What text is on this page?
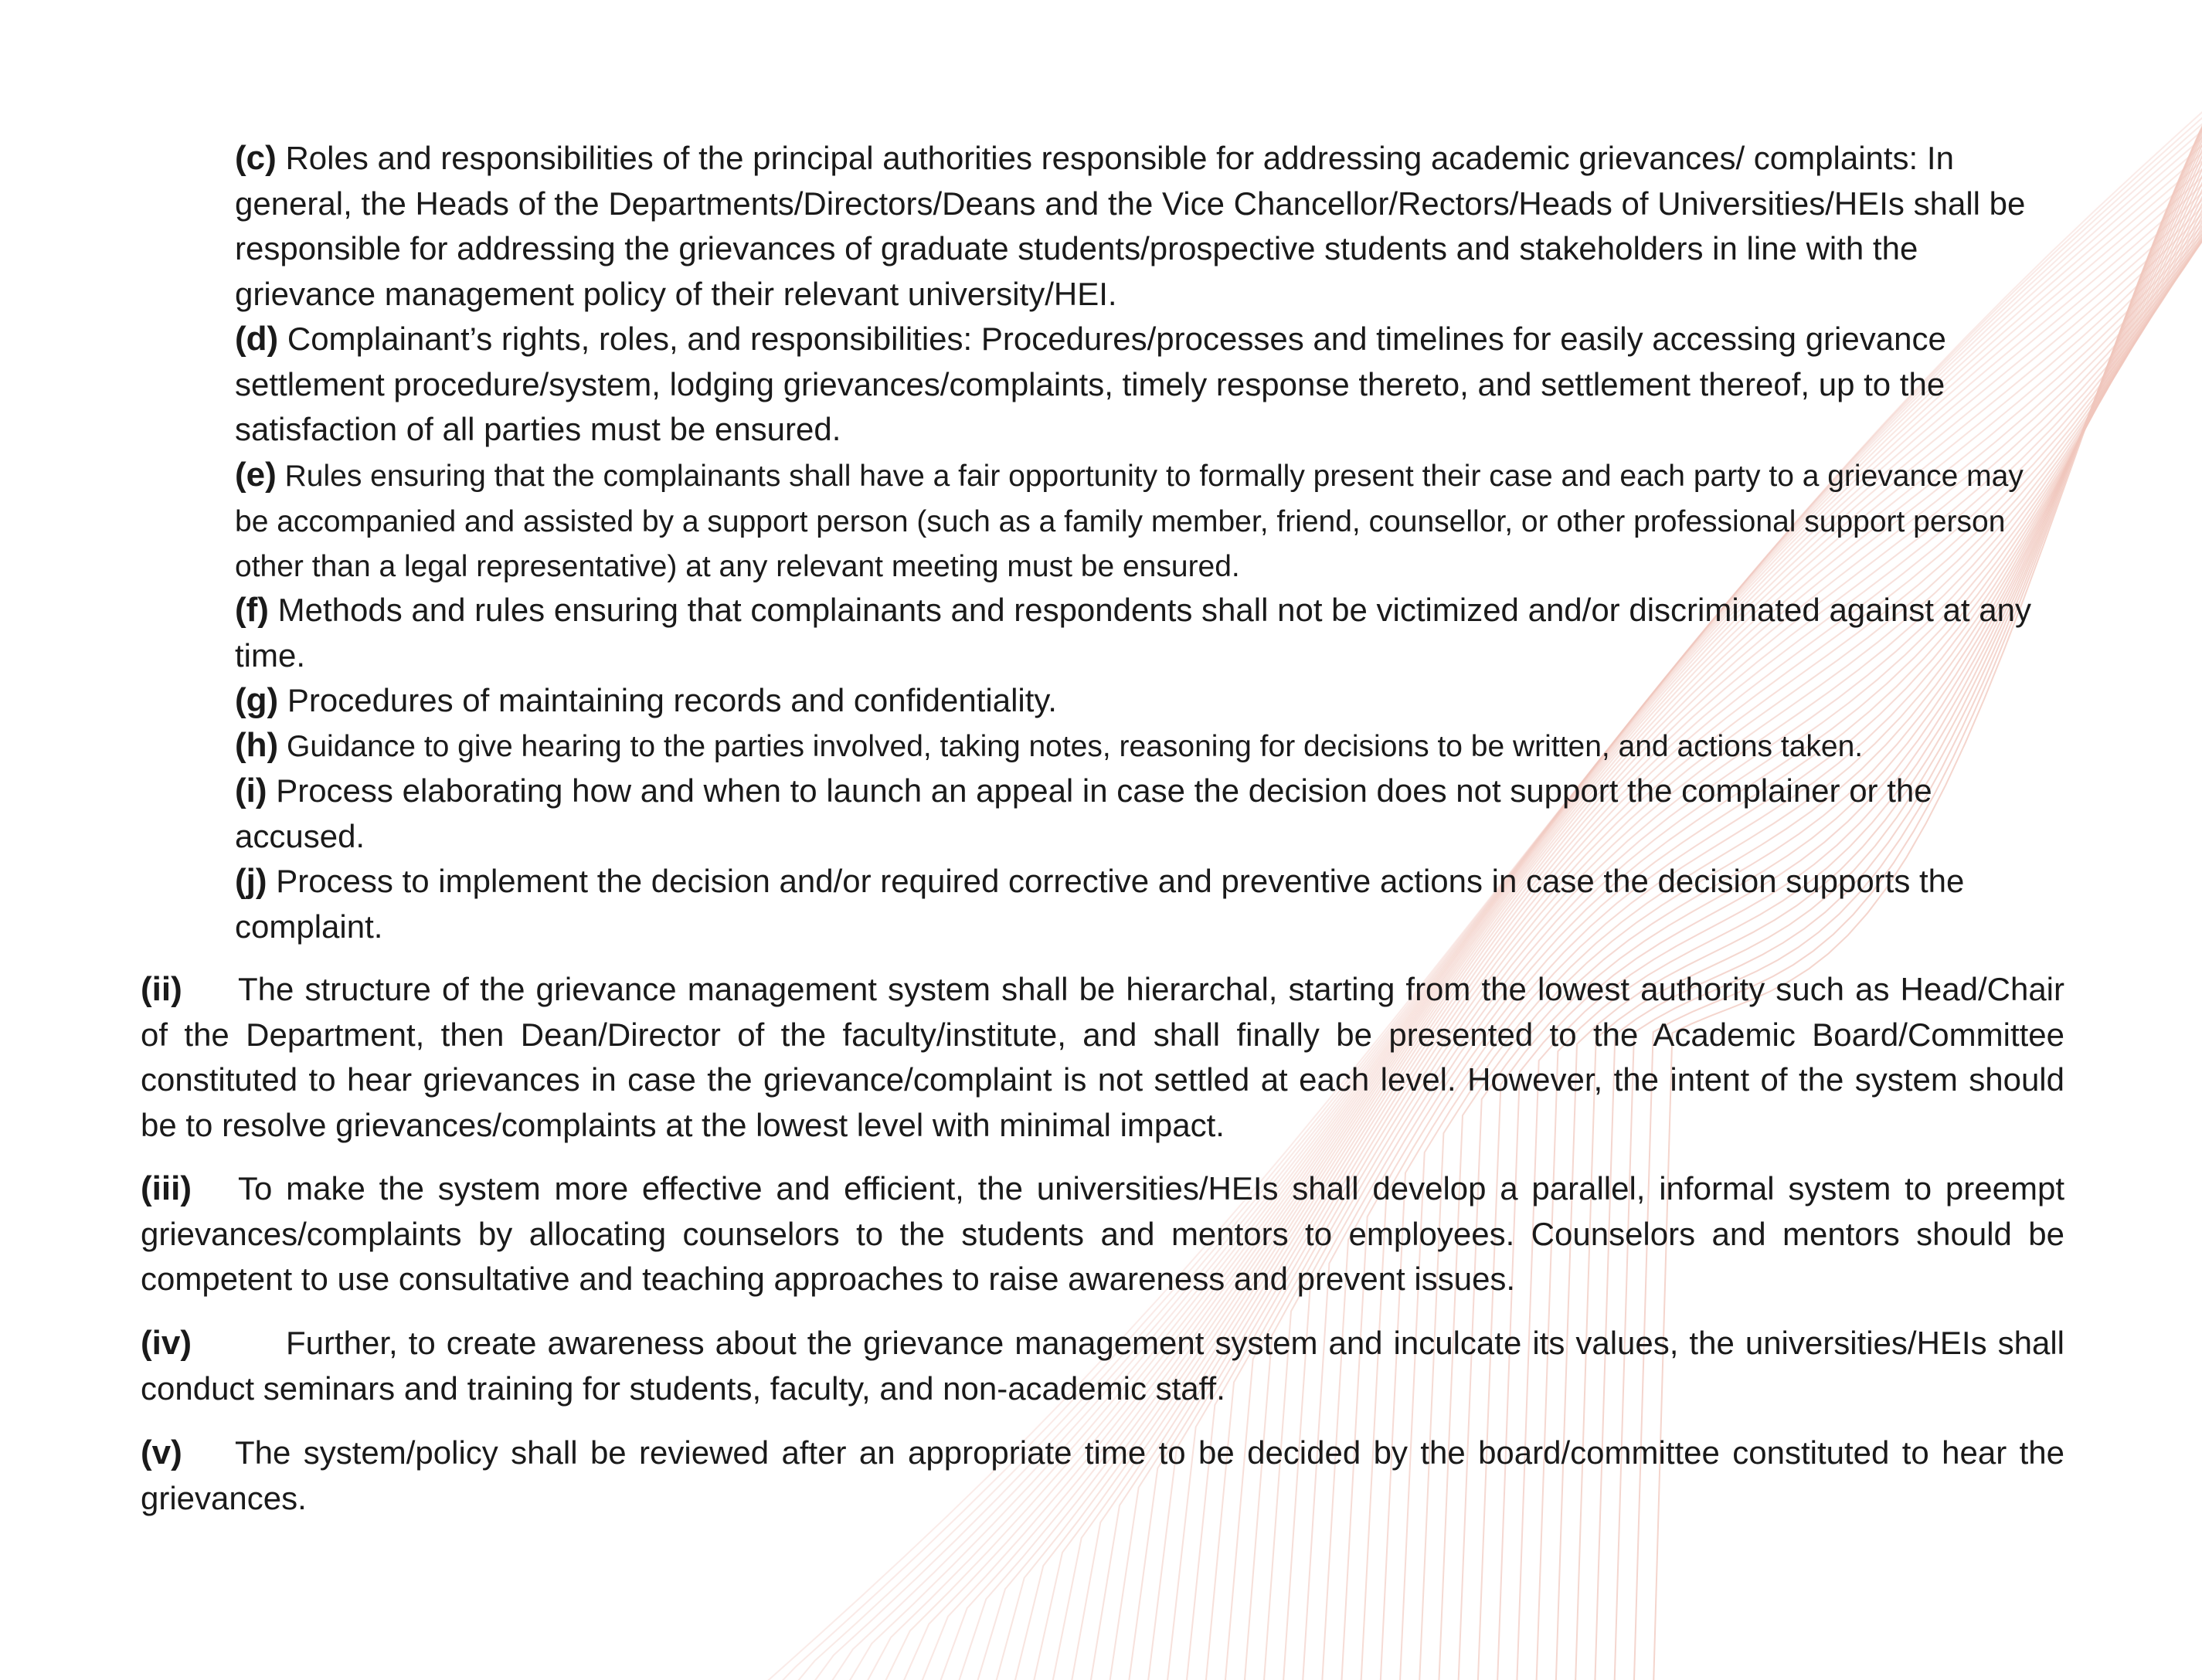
(c) Roles and responsibilities of the principal authorities responsible for addressing academic grievances/ complaints: In general, the Heads of the Departments/Directors/Deans and the Vice Chancellor/Rectors/Heads of Universities/HEIs shall be responsible for addressing the grievances of graduate students/prospective students and stakeholders in line with the grievance management policy of their relevant university/HEI.

(d) Complainant’s rights, roles, and responsibilities: Procedures/processes and timelines for easily accessing grievance settlement procedure/system, lodging grievances/complaints, timely response thereto, and settlement thereof, up to the satisfaction of all parties must be ensured.

(e) Rules ensuring that the complainants shall have a fair opportunity to formally present their case and each party to a grievance may be accompanied and assisted by a support person (such as a family member, friend, counsellor, or other professional support person other than a legal representative) at any relevant meeting must be ensured.

(f) Methods and rules ensuring that complainants and respondents shall not be victimized and/or discriminated against at any time.

(g) Procedures of maintaining records and confidentiality.

(h) Guidance to give hearing to the parties involved, taking notes, reasoning for decisions to be written, and actions taken.

(i) Process elaborating how and when to launch an appeal in case the decision does not support the complainer or the accused.

(j) Process to implement the decision and/or required corrective and preventive actions in case the decision supports the complaint.

(ii) The structure of the grievance management system shall be hierarchal, starting from the lowest authority such as Head/Chair of the Department, then Dean/Director of the faculty/institute, and shall finally be presented to the Academic Board/Committee constituted to hear grievances in case the grievance/complaint is not settled at each level. However, the intent of the system should be to resolve grievances/complaints at the lowest level with minimal impact.

(iii) To make the system more effective and efficient, the universities/HEIs shall develop a parallel, informal system to preempt grievances/complaints by allocating counselors to the students and mentors to employees. Counselors and mentors should be competent to use consultative and teaching approaches to raise awareness and prevent issues.

(iv)	Further, to create awareness about the grievance management system and inculcate its values, the universities/HEIs shall conduct seminars and training for students, faculty, and non-academic staff.

(v) The system/policy shall be reviewed after an appropriate time to be decided by the board/committee constituted to hear the grievances.
